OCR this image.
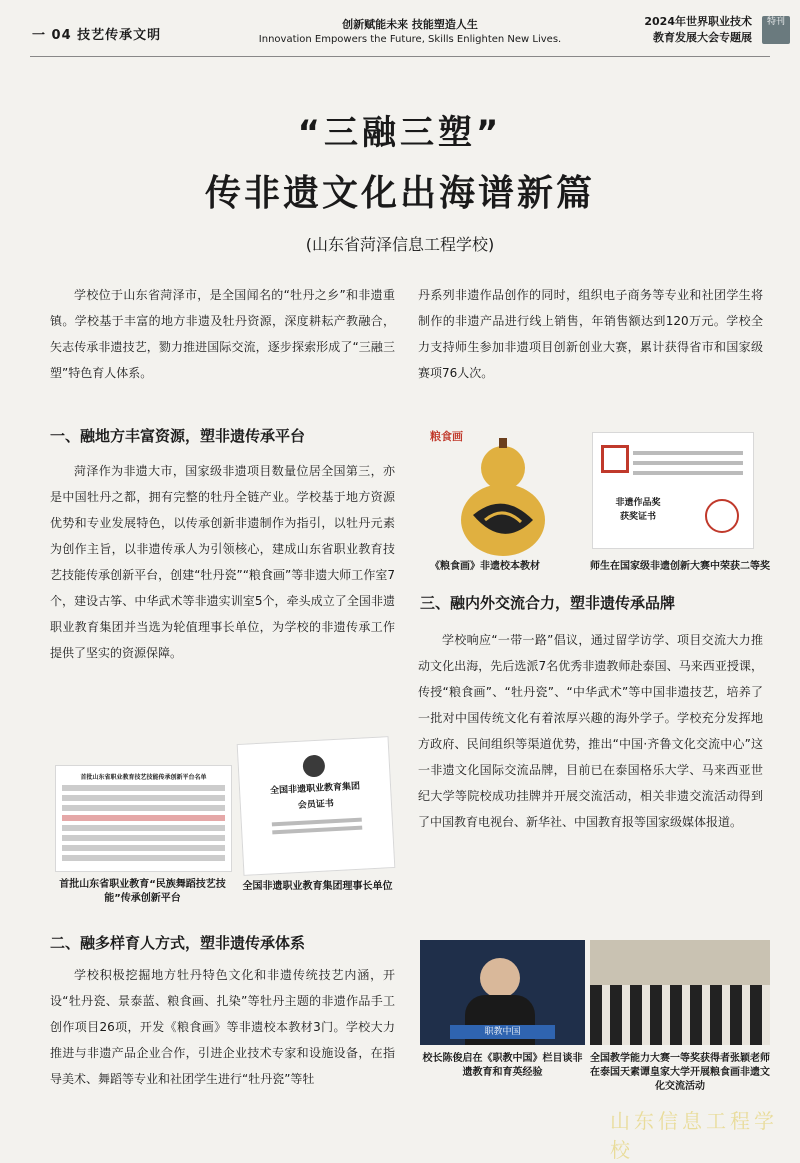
一 04 技艺传承文明
创新赋能未来 技能塑造人生
Innovation Empowers the Future, Skills Enlighten New Lives.
2024年世界职业技术
教育发展大会专题展
特刊
“三融三塑”
传非遗文化出海谱新篇
(山东省菏泽信息工程学校)

学校位于山东省菏泽市，是全国闻名的“牡丹之乡”和非遗重镇。学校基于丰富的地方非遗及牡丹资源，深度耕耘产教融合，矢志传承非遗技艺，勠力推进国际交流，逐步探索形成了“三融三塑”特色育人体系。

一、融地方丰富资源，塑非遗传承平台

菏泽作为非遗大市，国家级非遗项目数量位居全国第三，亦是中国牡丹之都，拥有完整的牡丹全链产业。学校基于地方资源优势和专业发展特色，以传承创新非遗制作为指引，以牡丹元素为创作主旨，以非遗传承人为引领核心，建成山东省职业教育技艺技能传承创新平台，创建“牡丹瓷”“粮食画”等非遗大师工作室7个，建设古筝、中华武术等非遗实训室5个，牵头成立了全国非遗职业教育集团并当选为轮值理事长单位，为学校的非遗传承工作提供了坚实的资源保障。

首批山东省职业教育技艺技能传承创新平台名单
首批山东省职业教育“民族舞蹈技艺技能”传承创新平台
全国非遗职业教育集团
会员证书
全国非遗职业教育集团理事长单位
二、融多样育人方式，塑非遗传承体系

学校积极挖掘地方牡丹特色文化和非遗传统技艺内涵，开设“牡丹瓷、景泰蓝、粮食画、扎染”等牡丹主题的非遗作品手工创作项目26项，开发《粮食画》等非遗校本教材3门。学校大力推进与非遗产品企业合作，引进企业技术专家和设施设备，在指导美术、舞蹈等专业和社团学生进行“牡丹瓷”等牡

丹系列非遗作品创作的同时，组织电子商务等专业和社团学生将制作的非遗产品进行线上销售，年销售额达到120万元。学校全力支持师生参加非遗项目创新创业大赛，累计获得省市和国家级赛项76人次。

粮食画
《粮食画》非遗校本教材
非遗作品奖
获奖证书
师生在国家级非遗创新大赛中荣获二等奖
三、融内外交流合力，塑非遗传承品牌

学校响应“一带一路”倡议，通过留学访学、项目交流大力推动文化出海，先后选派7名优秀非遗教师赴泰国、马来西亚授课，传授“粮食画”、“牡丹瓷”、“中华武术”等中国非遗技艺，培养了一批对中国传统文化有着浓厚兴趣的海外学子。学校充分发挥地方政府、民间组织等渠道优势，推出“中国·齐鲁文化交流中心”这一非遗文化国际交流品牌，目前已在泰国格乐大学、马来西亚世纪大学等院校成功挂牌并开展交流活动，相关非遗交流活动得到了中国教育电视台、新华社、中国教育报等国家级媒体报道。

职教中国
校长陈俊启在《职教中国》栏目谈非遗教育和育英经验
全国教学能力大赛一等奖获得者张颖老师在泰国天素谭皇家大学开展粮食画非遗文化交流活动
山东信息工程学校
